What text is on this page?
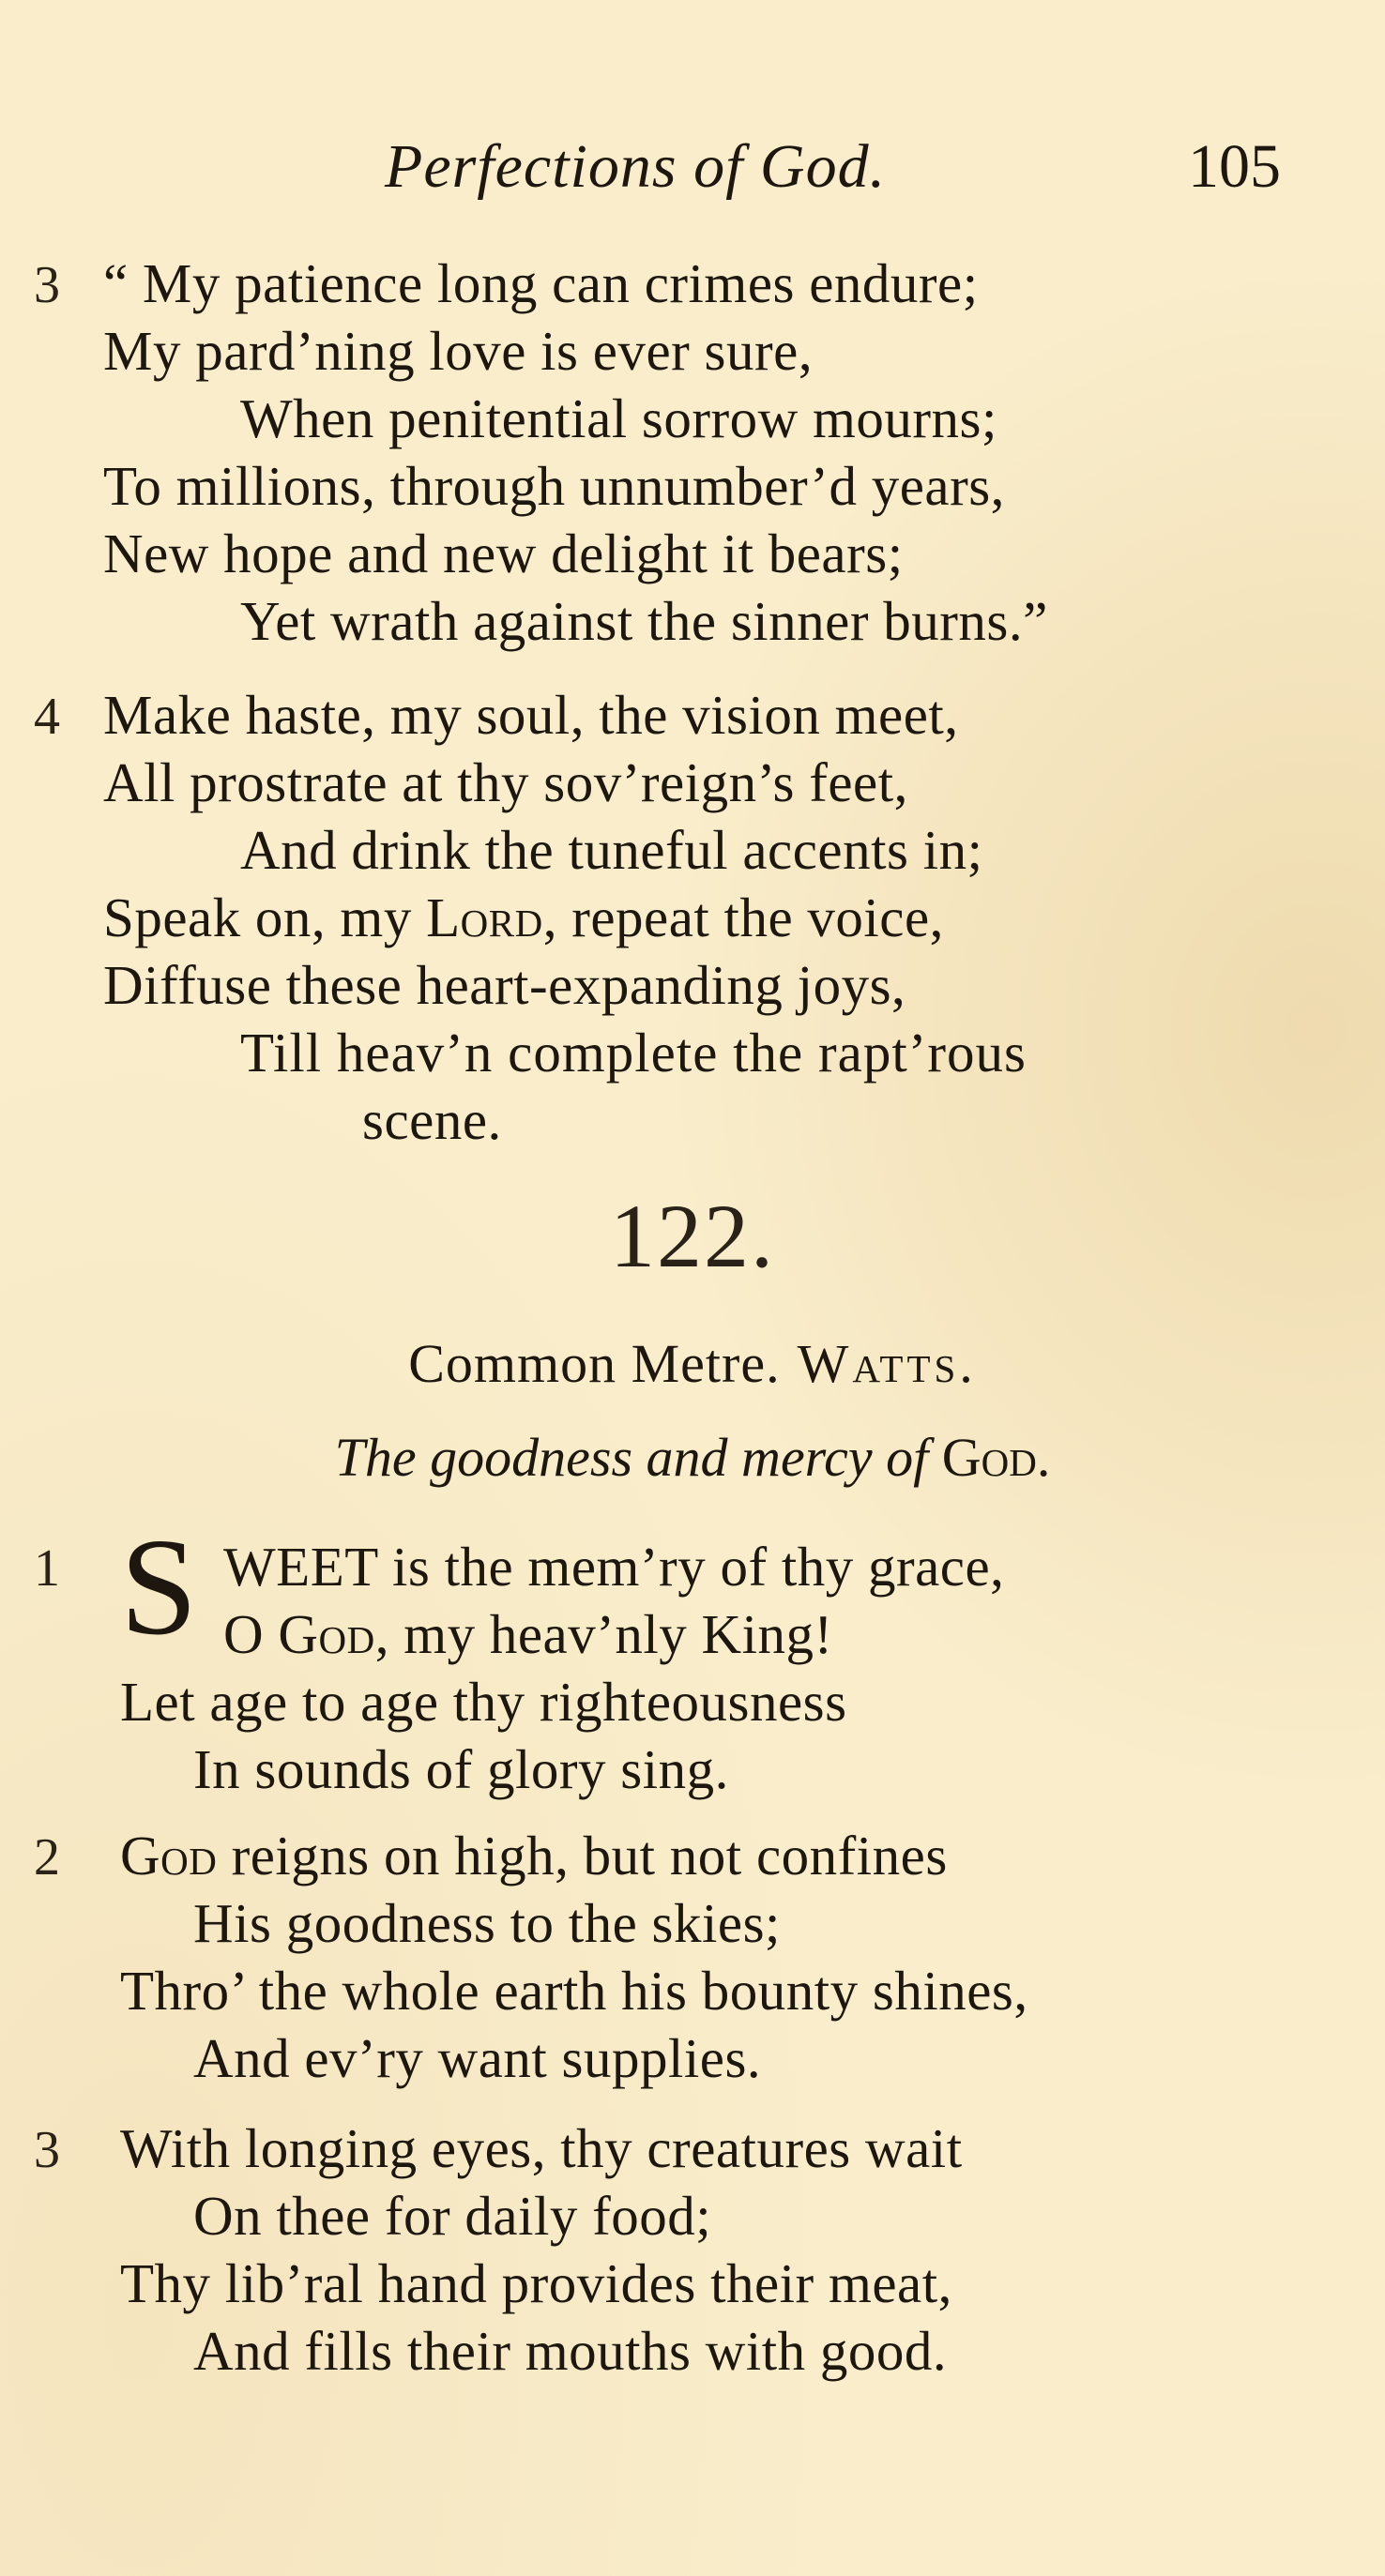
Perfections of God.	105
3 “ My patience long can crimes endure;
My pard’ning love is ever sure,
When penitential sorrow mourns;
To millions, through unnumber’d years,
New hope and new delight it bears;
Yet wrath against the sinner burns.”
4 Make haste, my soul, the vision meet,
All prostrate at thy sov’reign’s feet,
And drink the tuneful accents in;
Speak on, my Lord, repeat the voice,
Diffuse these heart-expanding joys,
Till heav’n complete the rapt’rous
scene.
122.
Common Metre. Watts.
The goodness and mercy of God.
1 S WEET is the mem’ry of thy grace,
O God, my heav’nly King!
Let age to age thy righteousness
In sounds of glory sing.
2 God reigns on high, but not confines
His goodness to the skies;
Thro’ the whole earth his bounty shines,
And ev’ry want supplies.
3 With longing eyes, thy creatures wait
On thee for daily food;
Thy lib’ral hand provides their meat,
And fills their mouths with good.
